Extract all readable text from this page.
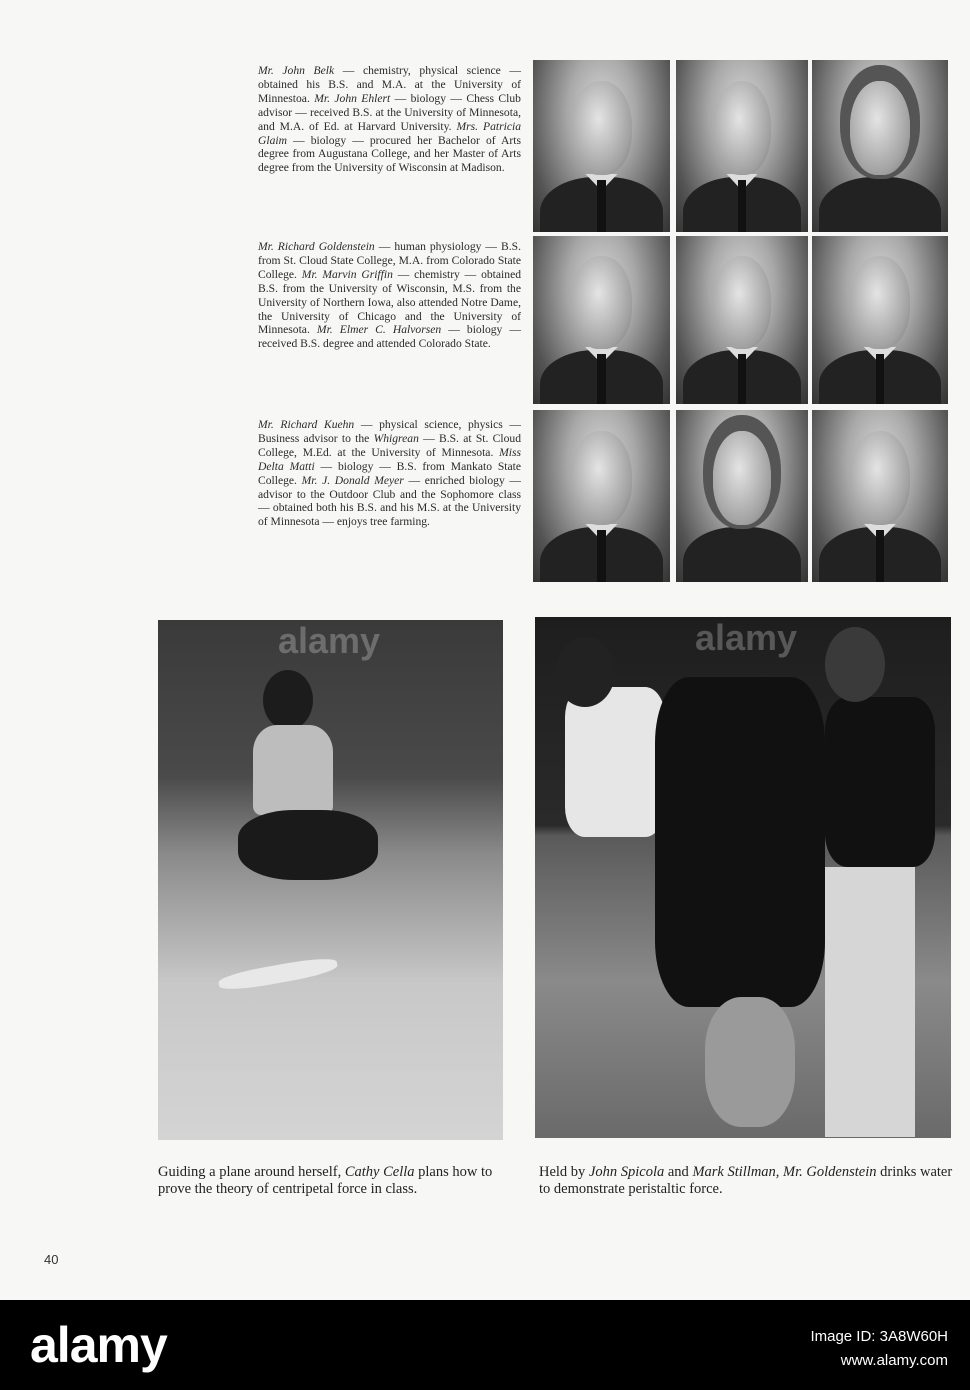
Mr. John Belk — chemistry, physical science — obtained his B.S. and M.A. at the University of Minnestoa. Mr. John Ehlert — biology — Chess Club advisor — received B.S. at the University of Minnesota, and M.A. of Ed. at Harvard University. Mrs. Patricia Glaim — biology — procured her Bachelor of Arts degree from Augustana College, and her Master of Arts degree from the University of Wisconsin at Madison.
Mr. Richard Goldenstein — human physiology — B.S. from St. Cloud State College, M.A. from Colorado State College. Mr. Marvin Griffin — chemistry — obtained B.S. from the University of Wisconsin, M.S. from the University of Northern Iowa, also attended Notre Dame, the University of Chicago and the University of Minnesota. Mr. Elmer C. Halvorsen — biology — received B.S. degree and attended Colorado State.
Mr. Richard Kuehn — physical science, physics — Business advisor to the Whigrean — B.S. at St. Cloud College, M.Ed. at the University of Minnesota. Miss Delta Matti — biology — B.S. from Mankato State College. Mr. J. Donald Meyer — enriched biology — advisor to the Outdoor Club and the Sophomore class — obtained both his B.S. and his M.S. at the University of Minnesota — enjoys tree farming.
alamy	alamy
Guiding a plane around herself, Cathy Cella plans how to prove the theory of centripetal force in class.
Held by John Spicola and Mark Stillman, Mr. Goldenstein drinks water to demonstrate peristaltic force.
40
alamy	Image ID: 3A8W60H
www.alamy.com
